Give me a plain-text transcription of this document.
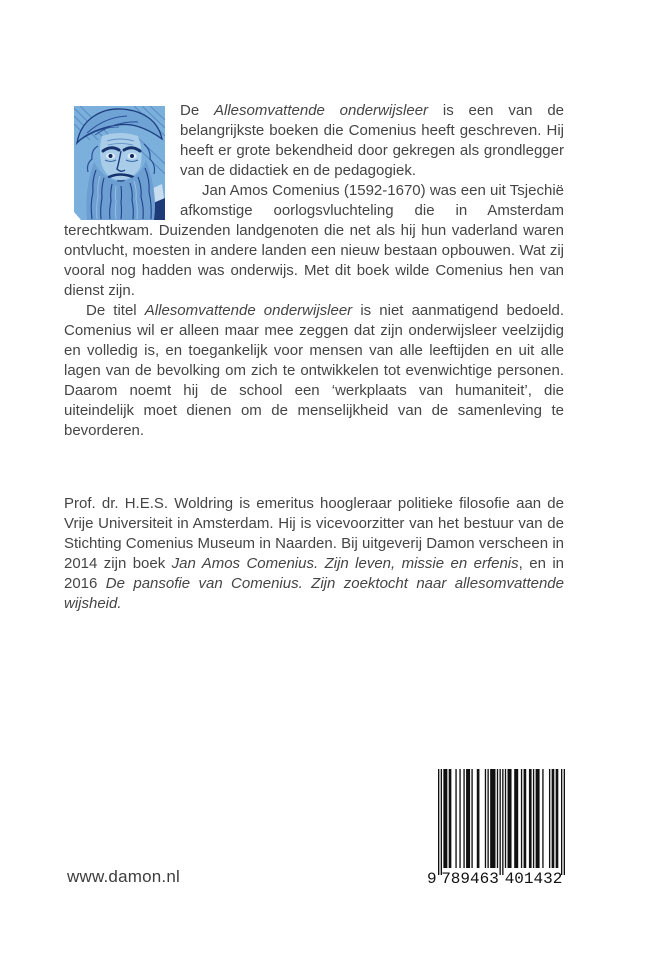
De Allesomvattende onderwijsleer is een van de belangrijkste boeken die Comenius heeft geschreven. Hij heeft er grote bekendheid door gekregen als grondlegger van de didactiek en de pedagogiek.

Jan Amos Comenius (1592-1670) was een uit Tsjechië afkomstige oorlogsvluchteling die in Amsterdam terechtkwam. Duizenden landgenoten die net als hij hun vaderland waren ontvlucht, moesten in andere landen een nieuw bestaan opbouwen. Wat zij vooral nog hadden was onderwijs. Met dit boek wilde Comenius hen van dienst zijn.

De titel Allesomvattende onderwijsleer is niet aanmatigend bedoeld. Comenius wil er alleen maar mee zeggen dat zijn onderwijsleer veelzijdig en volledig is, en toegankelijk voor mensen van alle leeftijden en uit alle lagen van de bevolking om zich te ontwikkelen tot evenwichtige personen. Daarom noemt hij de school een ‘werkplaats van humaniteit’, die uiteindelijk moet dienen om de menselijkheid van de samenleving te bevorderen.

Prof. dr. H.E.S. Woldring is emeritus hoogleraar politieke filosofie aan de Vrije Universiteit in Amsterdam. Hij is vicevoorzitter van het bestuur van de Stichting Comenius Museum in Naarden. Bij uitgeverij Damon verscheen in 2014 zijn boek Jan Amos Comenius. Zijn leven, missie en erfenis, en in 2016 De pansofie van Comenius. Zijn zoektocht naar allesomvattende wijsheid.
www.damon.nl	9 789463 401432
